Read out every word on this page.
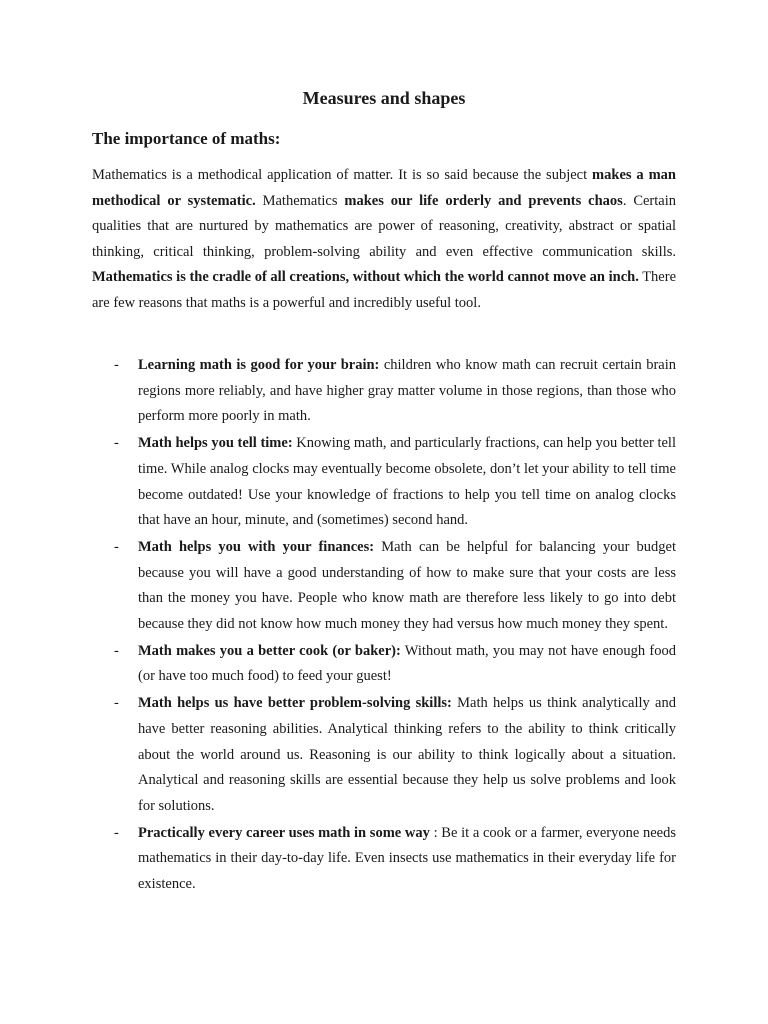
Measures and shapes
The importance of maths:

Mathematics is a methodical application of matter. It is so said because the subject makes a man methodical or systematic. Mathematics makes our life orderly and prevents chaos. Certain qualities that are nurtured by mathematics are power of reasoning, creativity, abstract or spatial thinking, critical thinking, problem-solving ability and even effective communication skills. Mathematics is the cradle of all creations, without which the world cannot move an inch. There are few reasons that maths is a powerful and incredibly useful tool.

- Learning math is good for your brain: children who know math can recruit certain brain regions more reliably, and have higher gray matter volume in those regions, than those who perform more poorly in math.
- Math helps you tell time: Knowing math, and particularly fractions, can help you better tell time. While analog clocks may eventually become obsolete, don’t let your ability to tell time become outdated! Use your knowledge of fractions to help you tell time on analog clocks that have an hour, minute, and (sometimes) second hand.
- Math helps you with your finances: Math can be helpful for balancing your budget because you will have a good understanding of how to make sure that your costs are less than the money you have. People who know math are therefore less likely to go into debt because they did not know how much money they had versus how much money they spent.
- Math makes you a better cook (or baker): Without math, you may not have enough food (or have too much food) to feed your guest!
- Math helps us have better problem-solving skills: Math helps us think analytically and have better reasoning abilities. Analytical thinking refers to the ability to think critically about the world around us. Reasoning is our ability to think logically about a situation. Analytical and reasoning skills are essential because they help us solve problems and look for solutions.
- Practically every career uses math in some way : Be it a cook or a farmer, everyone needs mathematics in their day-to-day life. Even insects use mathematics in their everyday life for existence.
